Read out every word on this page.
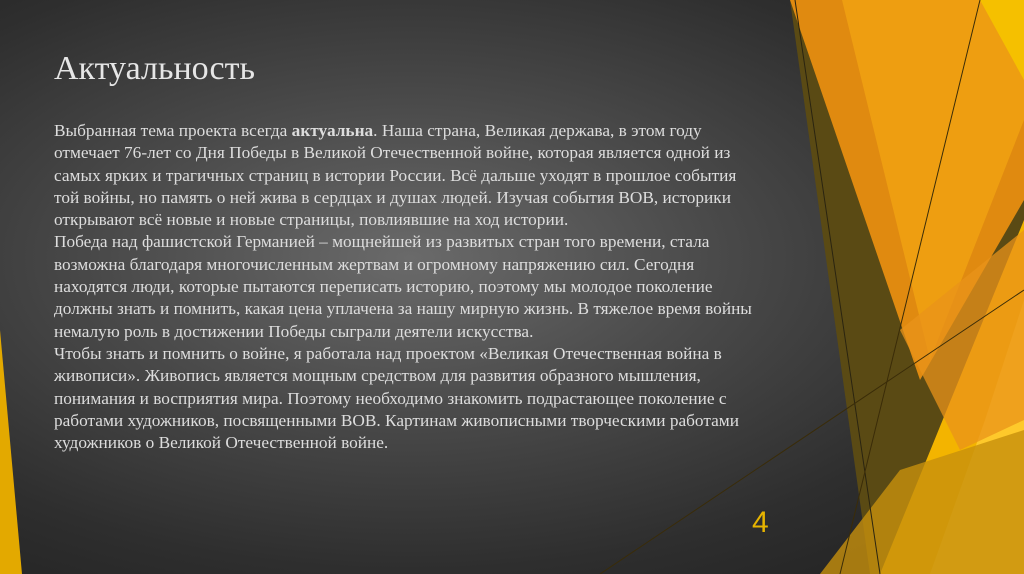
Актуальность

Выбранная тема проекта всегда актуальна. Наша страна, Великая держава, в этом году отмечает 76-лет со Дня Победы в Великой Отечественной войне, которая является одной из самых ярких и трагичных страниц в истории России. Всё дальше уходят в прошлое события той войны, но память о ней жива в сердцах и душах людей. Изучая события ВОВ, историки открывают всё новые и новые страницы, повлиявшие на ход истории.

Победа над фашистской Германией – мощнейшей из развитых стран того времени, стала возможна благодаря многочисленным жертвам и огромному напряжению сил. Сегодня находятся люди, которые пытаются переписать историю, поэтому мы молодое поколение должны знать и помнить, какая цена уплачена за нашу мирную жизнь. В тяжелое время войны немалую роль в достижении Победы сыграли деятели искусства.

Чтобы знать и помнить о войне, я работала над проектом «Великая Отечественная война в живописи». Живопись является мощным средством для развития образного мышления, понимания и восприятия мира. Поэтому необходимо знакомить подрастающее поколение с работами художников, посвященными ВОВ. Картинам живописными творческими работами художников о Великой Отечественной войне.

4
